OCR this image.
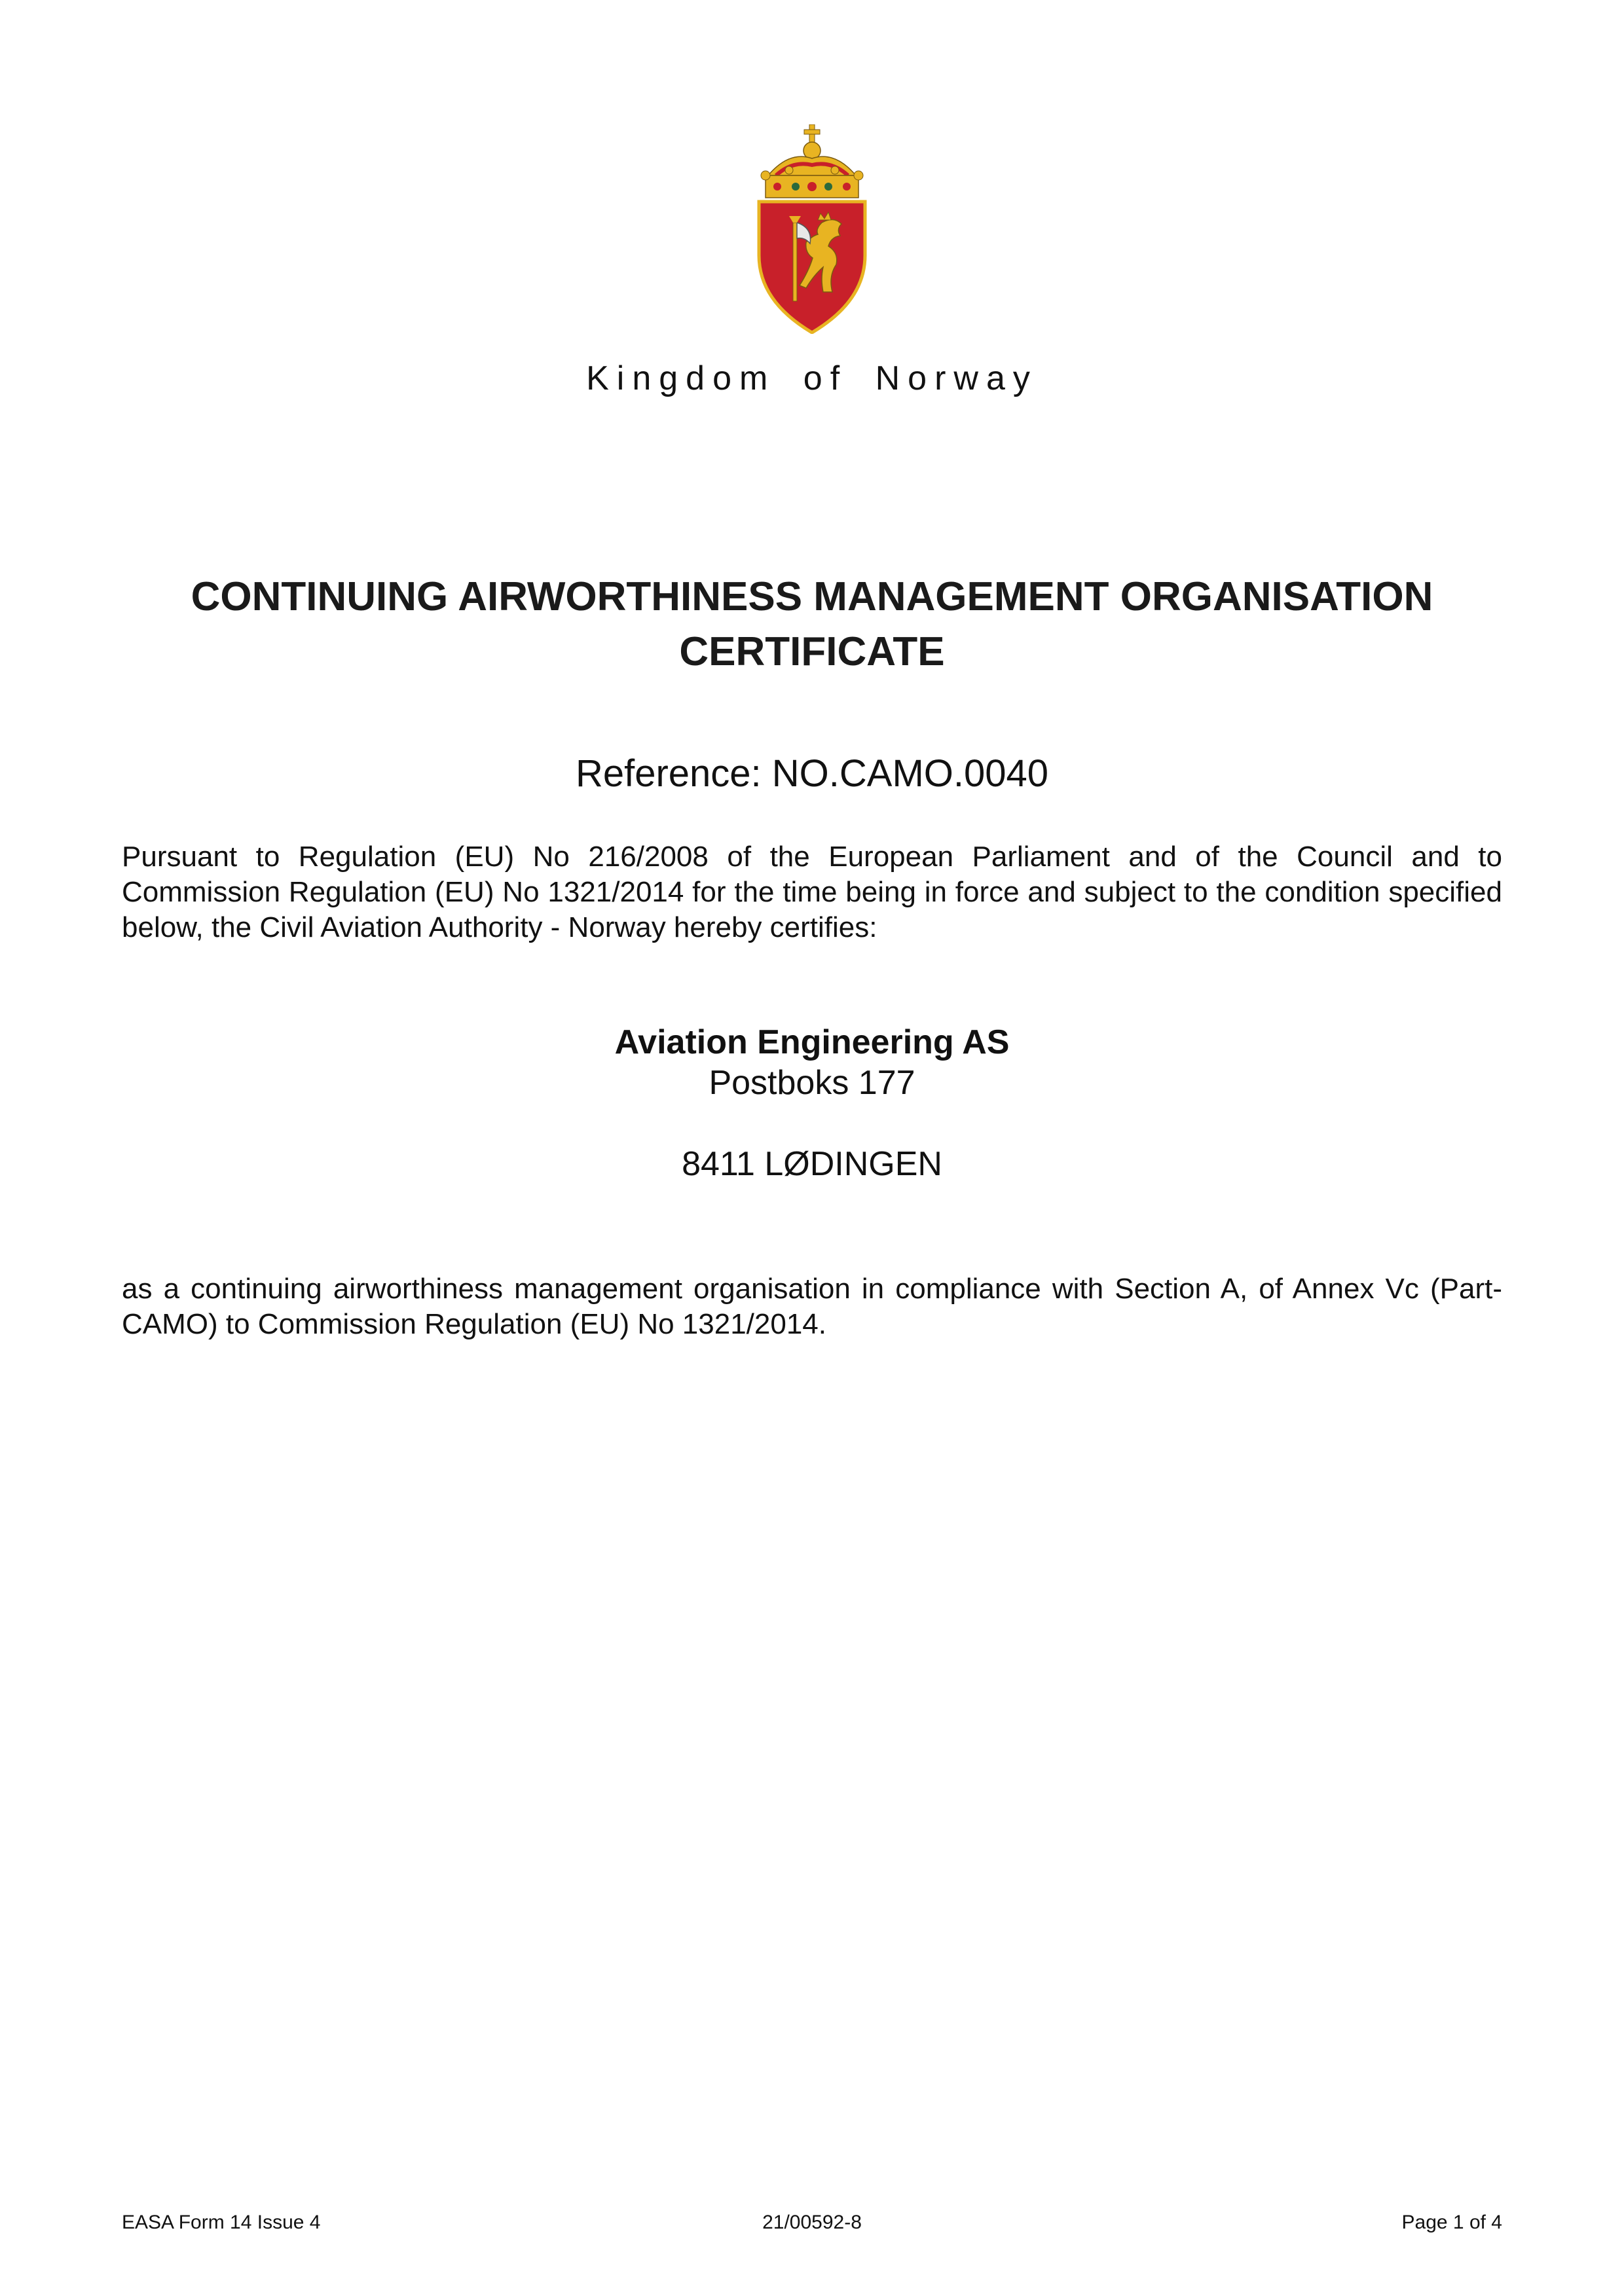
Kingdom of Norway
CONTINUING AIRWORTHINESS MANAGEMENT ORGANISATION
CERTIFICATE
Reference: NO.CAMO.0040
Pursuant to Regulation (EU) No 216/2008 of the European Parliament and of the Council and to Commission Regulation (EU) No 1321/2014 for the time being in force and subject to the condition specified below, the Civil Aviation Authority - Norway hereby certifies:
Aviation Engineering AS
Postboks 177
8411 LØDINGEN
as a continuing airworthiness management organisation in compliance with Section A, of Annex Vc (Part-CAMO) to Commission Regulation (EU) No 1321/2014.
EASA Form 14 Issue 4	21/00592-8	Page 1 of 4
